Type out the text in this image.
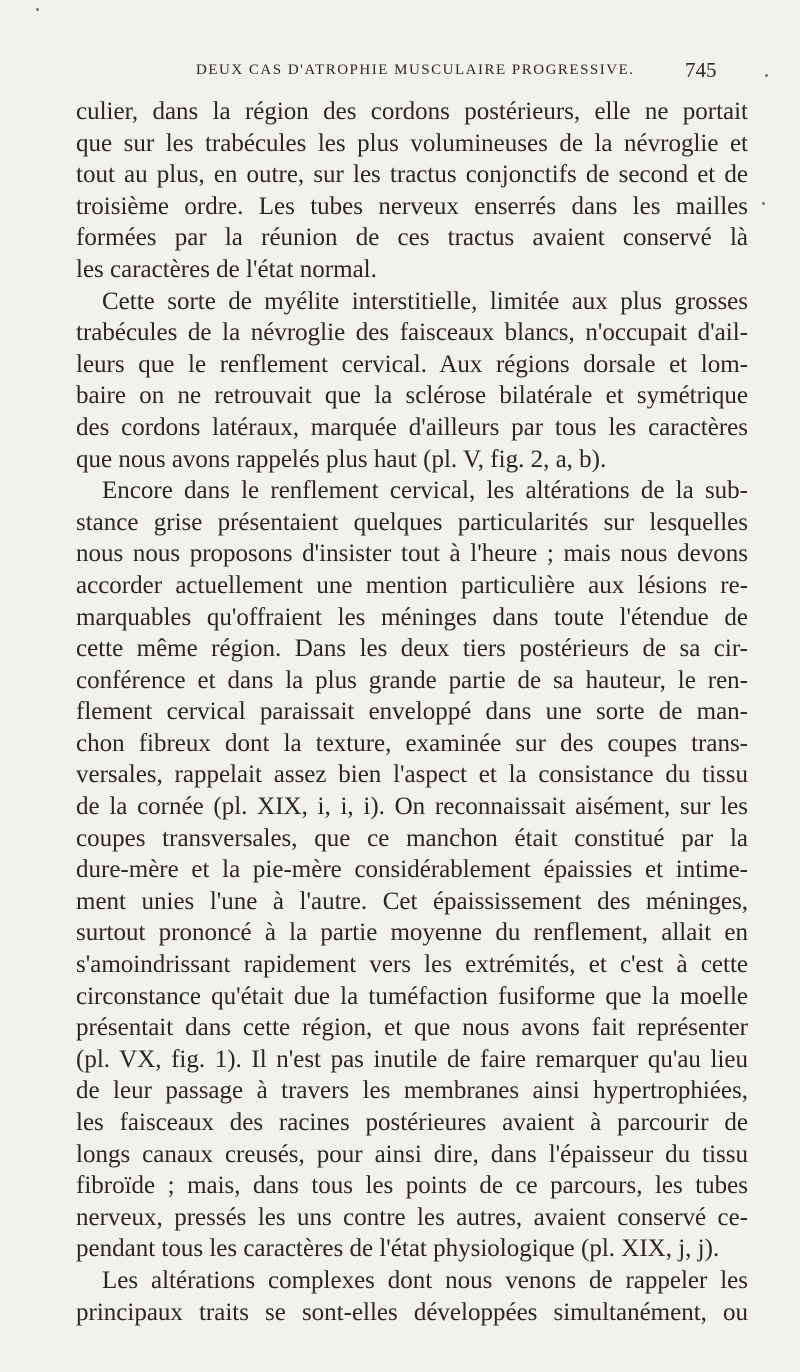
DEUX CAS D'ATROPHIE MUSCULAIRE PROGRESSIVE. 745
culier, dans la région des cordons postérieurs, elle ne portait
que sur les trabécules les plus volumineuses de la névroglie et
tout au plus, en outre, sur les tractus conjonctifs de second et de
troisième ordre. Les tubes nerveux enserrés dans les mailles
formées par la réunion de ces tractus avaient conservé là
les caractères de l'état normal.
Cette sorte de myélite interstitielle, limitée aux plus grosses
trabécules de la névroglie des faisceaux blancs, n'occupait d'ail-
leurs que le renflement cervical. Aux régions dorsale et lom-
baire on ne retrouvait que la sclérose bilatérale et symétrique
des cordons latéraux, marquée d'ailleurs par tous les caractères
que nous avons rappelés plus haut (pl. V, fig. 2, a, b).
Encore dans le renflement cervical, les altérations de la sub-
stance grise présentaient quelques particularités sur lesquelles
nous nous proposons d'insister tout à l'heure ; mais nous devons
accorder actuellement une mention particulière aux lésions re-
marquables qu'offraient les méninges dans toute l'étendue de
cette même région. Dans les deux tiers postérieurs de sa cir-
conférence et dans la plus grande partie de sa hauteur, le ren-
flement cervical paraissait enveloppé dans une sorte de man-
chon fibreux dont la texture, examinée sur des coupes trans-
versales, rappelait assez bien l'aspect et la consistance du tissu
de la cornée (pl. XIX, i, i, i). On reconnaissait aisément, sur les
coupes transversales, que ce manchon était constitué par la
dure-mère et la pie-mère considérablement épaissies et intime-
ment unies l'une à l'autre. Cet épaississement des méninges,
surtout prononcé à la partie moyenne du renflement, allait en
s'amoindrissant rapidement vers les extrémités, et c'est à cette
circonstance qu'était due la tuméfaction fusiforme que la moelle
présentait dans cette région, et que nous avons fait représenter
(pl. VX, fig. 1). Il n'est pas inutile de faire remarquer qu'au lieu
de leur passage à travers les membranes ainsi hypertrophiées,
les faisceaux des racines postérieures avaient à parcourir de
longs canaux creusés, pour ainsi dire, dans l'épaisseur du tissu
fibroïde ; mais, dans tous les points de ce parcours, les tubes
nerveux, pressés les uns contre les autres, avaient conservé ce-
pendant tous les caractères de l'état physiologique (pl. XIX, j, j).
Les altérations complexes dont nous venons de rappeler les
principaux traits se sont-elles développées simultanément, ou
